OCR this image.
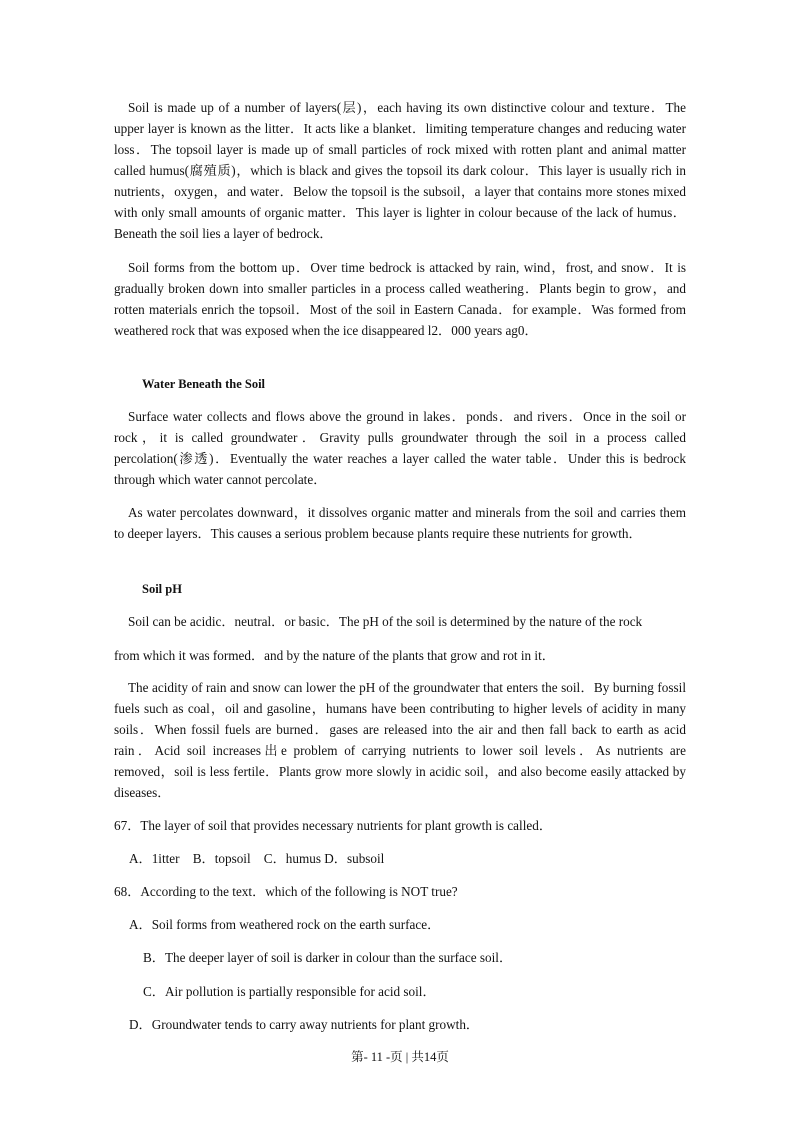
Soil is made up of a number of layers(层)，each having its own distinctive colour and texture．The upper layer is known as the litter．It acts like a blanket．limiting temperature changes and reducing water loss．The topsoil layer is made up of small particles of rock mixed with rotten plant and animal matter called humus(腐殖质)，which is black and gives the topsoil its dark colour．This layer is usually rich in nutrients，oxygen，and water．Below the topsoil is the subsoil，a layer that contains more stones mixed with only small amounts of organic matter．This layer is lighter in colour because of the lack of humus．Beneath the soil lies a layer of bedrock．

Soil forms from the bottom up．Over time bedrock is attacked by rain, wind，frost, and snow．It is gradually broken down into smaller particles in a process called weathering．Plants begin to grow，and rotten materials enrich the topsoil．Most of the soil in Eastern Canada．for example．Was formed from weathered rock that was exposed when the ice disappeared l2．000 years ag0．

Water Beneath the Soil

Surface water collects and flows above the ground in lakes．ponds．and rivers．Once in the soil or rock，it is called groundwater．Gravity pulls groundwater through the soil in a process called percolation(渗透)．Eventually the water reaches a layer called the water table．Under this is bedrock through which water cannot percolate．

As water percolates downward，it dissolves organic matter and minerals from the soil and carries them to deeper layers．This causes a serious problem because plants require these nutrients for growth．

Soil pH

Soil can be acidic．neutral．or basic．The pH of the soil is determined by the nature of the rock

from which it was formed．and by the nature of the plants that grow and rot in it．

The acidity of rain and snow can lower the pH of the groundwater that enters the soil．By burning fossil fuels such as coal，oil and gasoline，humans have been contributing to higher levels of acidity in many soils．When fossil fuels are burned．gases are released into the air and then fall back to earth as acid rain．Acid soil increases出e problem of carrying nutrients to lower soil levels．As nutrients are removed，soil is less fertile．Plants grow more slowly in acidic soil，and also become easily attacked by diseases．

67．The layer of soil that provides necessary nutrients for plant growth is called．

A．1itter　B．topsoil　C．humus D．subsoil

68．According to the text．which of the following is NOT true?

A．Soil forms from weathered rock on the earth surface．

B．The deeper layer of soil is darker in colour than the surface soil．

C．Air pollution is partially responsible for acid soil．

D．Groundwater tends to carry away nutrients for plant growth．

第- 11 -页 | 共14页
